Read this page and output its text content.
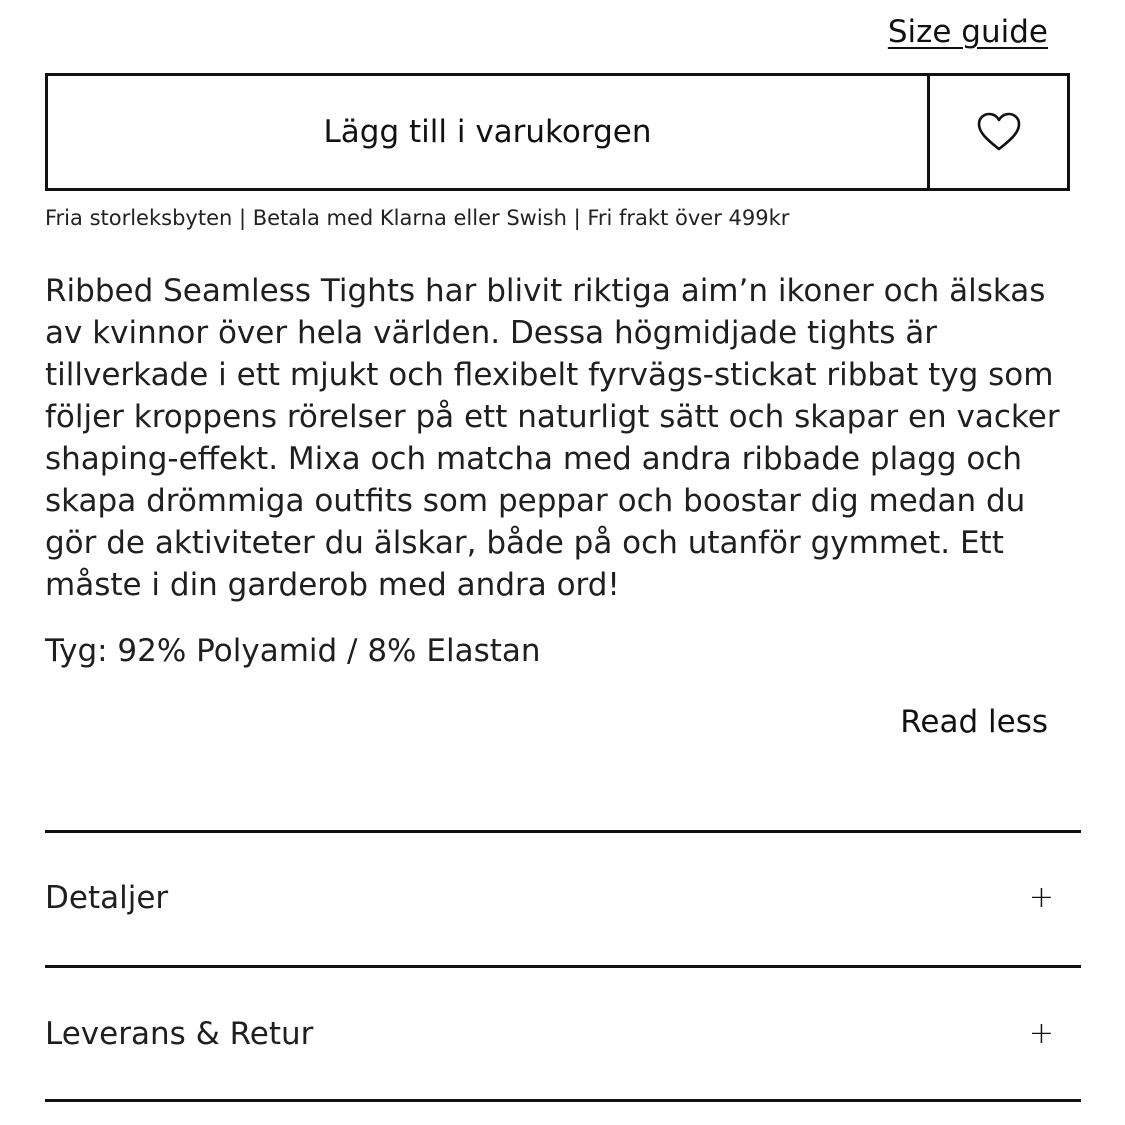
Size guide
Lägg till i varukorgen
Fria storleksbyten | Betala med Klarna eller Swish | Fri frakt över 499kr

Ribbed Seamless Tights har blivit riktiga aim’n ikoner och älskas av kvinnor över hela världen. Dessa högmidjade tights är tillverkade i ett mjukt och flexibelt fyrvägs-stickat ribbat tyg som följer kroppens rörelser på ett naturligt sätt och skapar en vacker shaping-effekt. Mixa och matcha med andra ribbade plagg och skapa drömmiga outfits som peppar och boostar dig medan du gör de aktiviteter du älskar, både på och utanför gymmet. Ett måste i din garderob med andra ord!

Tyg: 92% Polyamid / 8% Elastan

Read less
Detaljer	+
Leverans & Retur	+
